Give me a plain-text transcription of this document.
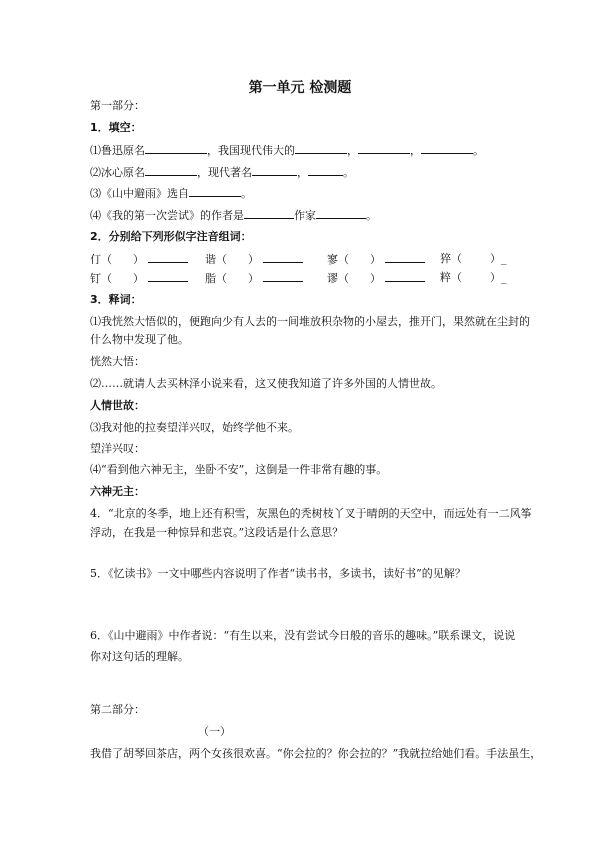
第一单元 检测题
第一部分：
1．填空：
⑴鲁迅原名	，我国现代伟大的	，	，	。
⑵冰心原名	，现代著名	，	。
⑶《山中避雨》选自	。
⑷《我的第一次尝试》的作者是	作家	。
2．分别给下列形似字注音组词：
仃（ ）	谐（ ）	寥（ ）	猝（	）_
钉（ ）	脂（ ）	谬（ ）	粹（	）_
3．释词：
⑴我恍然大悟似的，便跑向少有人去的一间堆放积杂物的小屋去，推开门，果然就在尘封的
什么物中发现了他。
恍然大悟：
⑵……就请人去买林泽小说来看，这又使我知道了许多外国的人情世故。
人情世故：
⑶我对他的拉奏望洋兴叹，始终学他不来。
望洋兴叹：
⑷“看到他六神无主，坐卧不安”，这倒是一件非常有趣的事。
六神无主：
4．“北京的冬季，地上还有积雪，灰黑色的秃树枝丫叉于晴朗的天空中，而远处有一二风筝
浮动，在我是一种惊异和悲哀。”这段话是什么意思？
5．《忆读书》一文中哪些内容说明了作者“读书书，多读书，读好书”的见解？
6．《山中避雨》中作者说：“有生以来，没有尝试今日般的音乐的趣味。”联系课文，说说
你对这句话的理解。
第二部分：
（一）
我借了胡琴回茶店，两个女孩很欢喜。“你会拉的？你会拉的？”我就拉给她们看。手法虽生，
